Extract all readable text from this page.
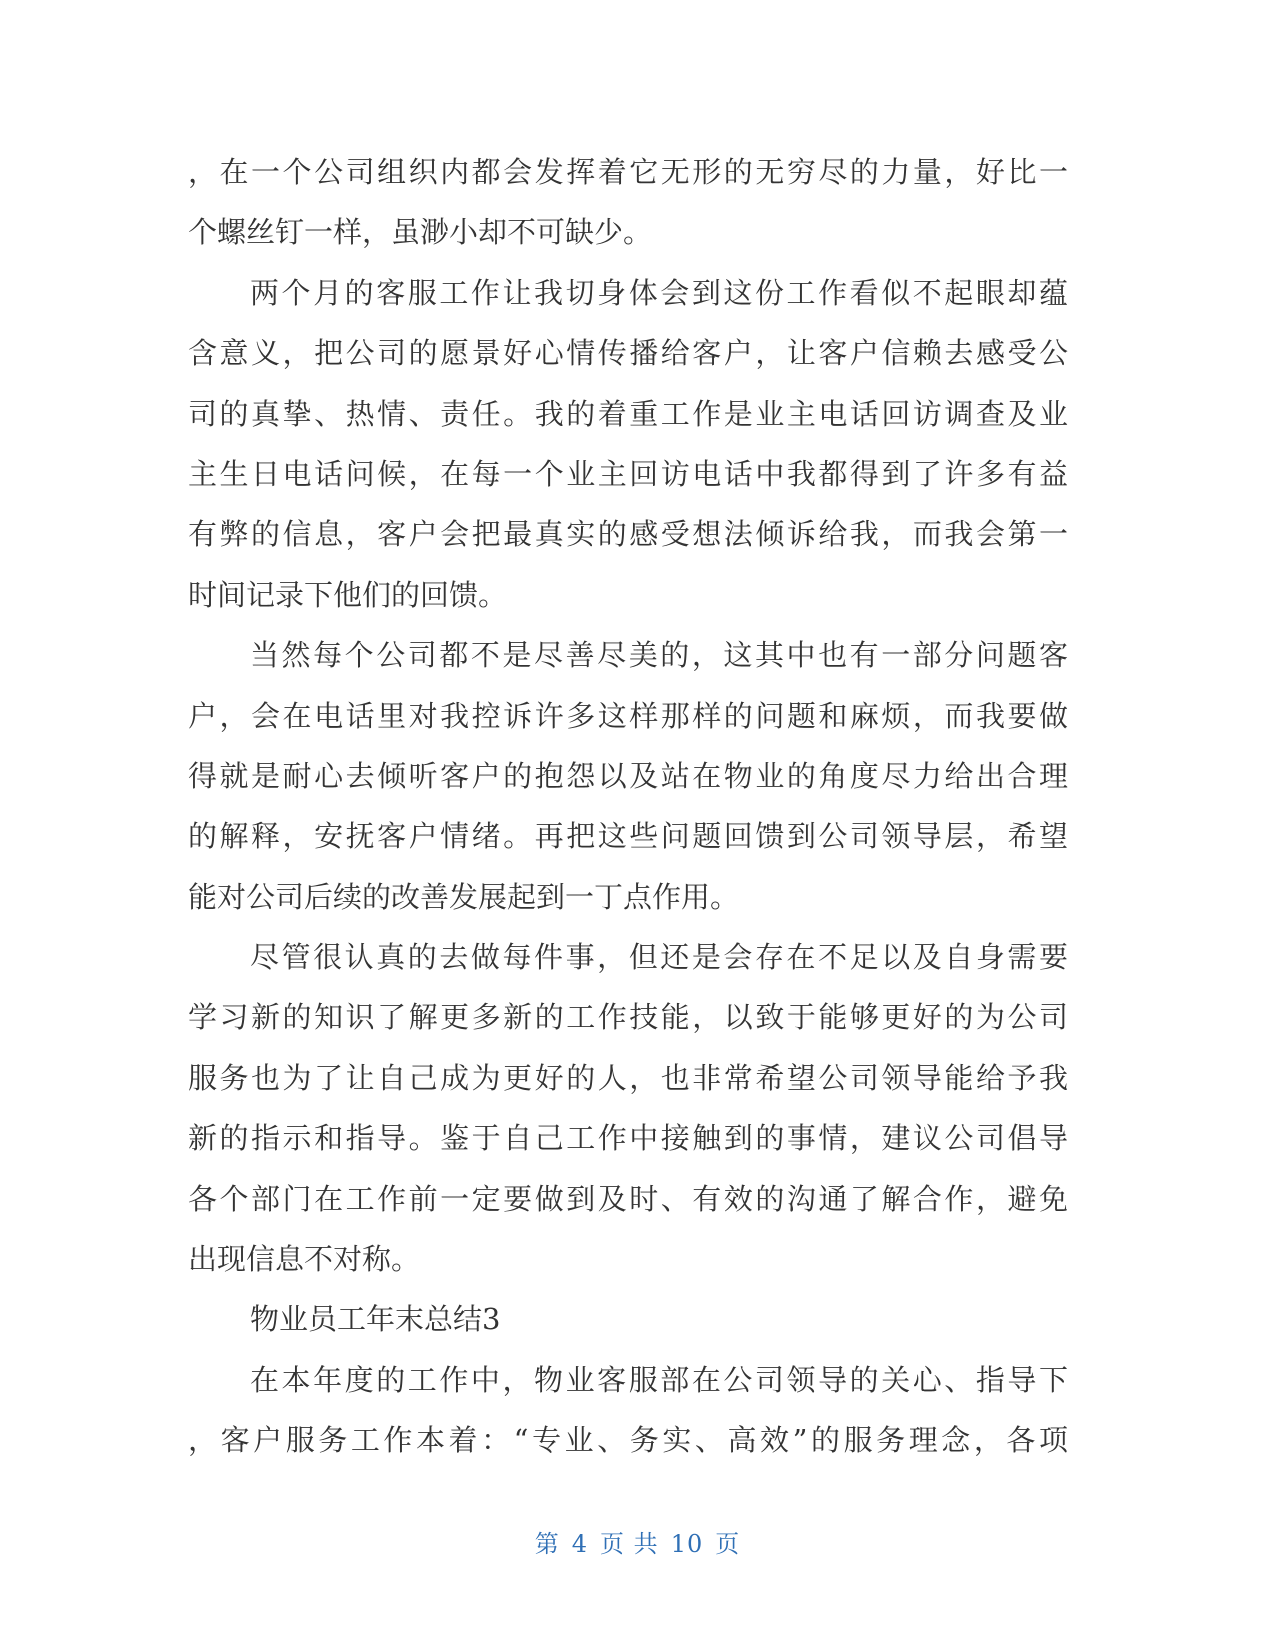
，在一个公司组织内都会发挥着它无形的无穷尽的力量，好比一
个螺丝钉一样，虽渺小却不可缺少。
两个月的客服工作让我切身体会到这份工作看似不起眼却蕴
含意义，把公司的愿景好心情传播给客户，让客户信赖去感受公
司的真挚、热情、责任。我的着重工作是业主电话回访调查及业
主生日电话问候，在每一个业主回访电话中我都得到了许多有益
有弊的信息，客户会把最真实的感受想法倾诉给我，而我会第一
时间记录下他们的回馈。
当然每个公司都不是尽善尽美的，这其中也有一部分问题客
户，会在电话里对我控诉许多这样那样的问题和麻烦，而我要做
得就是耐心去倾听客户的抱怨以及站在物业的角度尽力给出合理
的解释，安抚客户情绪。再把这些问题回馈到公司领导层，希望
能对公司后续的改善发展起到一丁点作用。
尽管很认真的去做每件事，但还是会存在不足以及自身需要
学习新的知识了解更多新的工作技能，以致于能够更好的为公司
服务也为了让自己成为更好的人，也非常希望公司领导能给予我
新的指示和指导。鉴于自己工作中接触到的事情，建议公司倡导
各个部门在工作前一定要做到及时、有效的沟通了解合作，避免
出现信息不对称。
物业员工年末总结3
在本年度的工作中，物业客服部在公司领导的关心、指导下
，客户服务工作本着：“专业、务实、高效”的服务理念，各项
第 4 页 共 10 页
